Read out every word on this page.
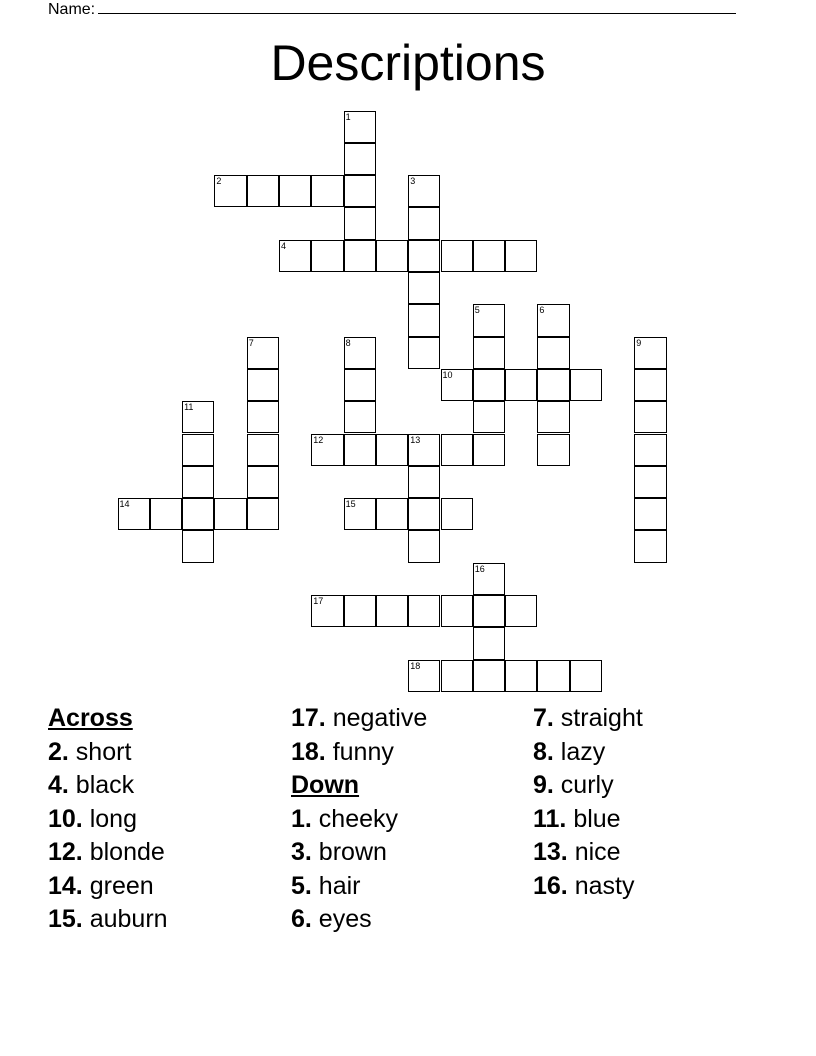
Name:
Descriptions
1
2	3
4
5	6
7	8	9
10
11
12	13
14	15
16
17
18
Across
2. short
4. black
10. long
12. blonde
14. green
15. auburn
17. negative
18. funny
Down
1. cheeky
3. brown
5. hair
6. eyes
7. straight
8. lazy
9. curly
11. blue
13. nice
16. nasty
